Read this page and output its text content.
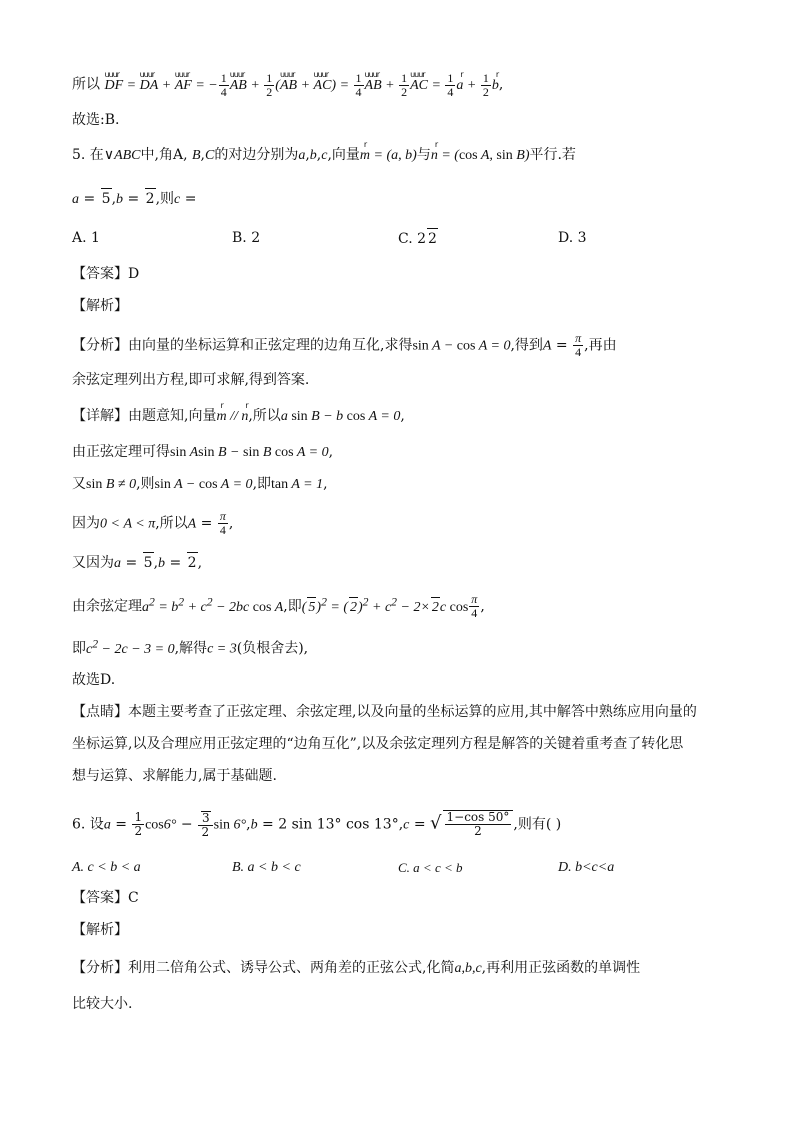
所以 uuur DF = uuur DA + uuur AF = − $\frac{1}{4}$ uuur AB + $\frac{1}{2}$ (uuur AB + uuur $AC) = \frac{1}{4}$ uuur AB + $\frac{1}{2}$ uuur AC = $\frac{1}{4}$ r $a + \frac{1}{2}$ r b,
故选:B.
5. 在∨ABC中,角A, B,C的对边分别为a,b,c,向量r m = (a, b)与r n = (cos A, sin B)平行.若
a = 5,b = 2,则c =
A. 1	B. 2	C. 2 2	D. 3
【答案】D
【解析】
【分析】由向量的坐标运算和正弦定理的边角互化,求得sin A − cos A = 0,得到$A = \frac{\pi}{4}$ ,再由
余弦定理列出方程,即可求解,得到答案.
【详解】由题意知,向量r m // r n,所以a sin B − b cos A = 0,
由正弦定理可得sin Asin B − sin B cos A = 0,
又sin B ≠ 0,则sin A − cos A = 0,即tan A = 1,
因为0 < A < π,所以$A = \frac{\pi}{4}$ ,
又因为a = 5,b = 2,
由余弦定理$a^2 = b^2 + c^2 - 2bc$ cos A,即( 5)$^2$ = ( $2)^2 + c^2 - 2\times 2c$ $\cos \frac{\pi}{4}$ ,
即$c^2 - 2c - 3 = 0$,解得c = 3(负根舍去),
故选D.
【点睛】本题主要考查了正弦定理、余弦定理,以及向量的坐标运算的应用,其中解答中熟练应用向量的
坐标运算,以及合理应用正弦定理的“边角互化”,以及余弦定理列方程是解答的关键着重考查了转化思
想与运算、求解能力,属于基础题.
6. 设$a = \frac{1}{2} \cos 6^\circ - \frac{3}{2}$ sin 6°,b = 2 sin 13° cos 13°,c = √ $\frac{1-\cos 50^\circ}{2}$ ,则有( )
A. c < b < a	B. a < b < c	C. a < c < b	D. b<c<a
【答案】C
【解析】
【分析】利用二倍角公式、诱导公式、两角差的正弦公式,化简a,b,c,再利用正弦函数的单调性
比较大小.
